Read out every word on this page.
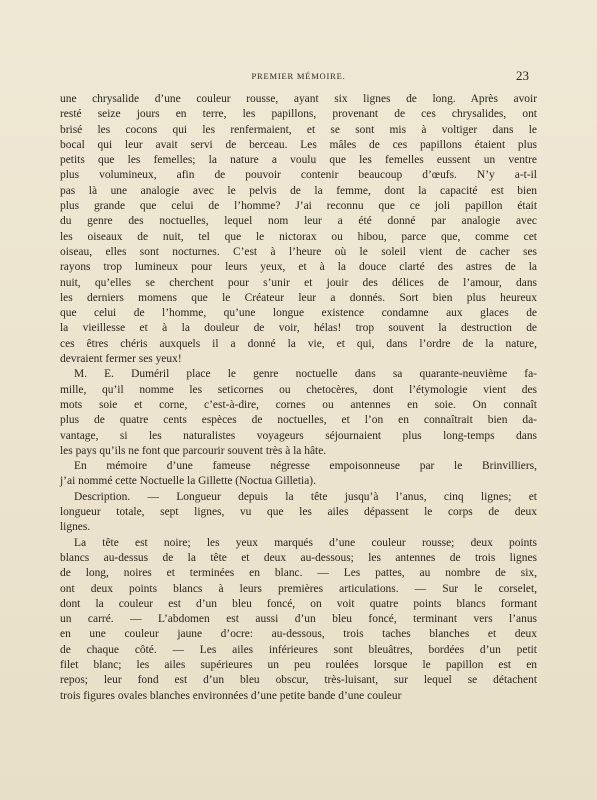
PREMIER MÉMOIRE.	23

une chrysalide d’une couleur rousse, ayant six lignes de long. Après avoir
resté seize jours en terre, les papillons, provenant de ces chrysalides, ont
brisé les cocons qui les renfermaient, et se sont mis à voltiger dans le
bocal qui leur avait servi de berceau. Les mâles de ces papillons étaient plus
petits que les femelles; la nature a voulu que les femelles eussent un ventre
plus volumineux, afin de pouvoir contenir beaucoup d’œufs. N’y a-t-il
pas là une analogie avec le pelvis de la femme, dont la capacité est bien
plus grande que celui de l’homme? J’ai reconnu que ce joli papillon était
du genre des noctuelles, lequel nom leur a été donné par analogie avec
les oiseaux de nuit, tel que le nictorax ou hibou, parce que, comme cet
oiseau, elles sont nocturnes. C’est à l’heure où le soleil vient de cacher ses
rayons trop lumineux pour leurs yeux, et à la douce clarté des astres de la
nuit, qu’elles se cherchent pour s’unir et jouir des délices de l’amour, dans
les derniers momens que le Créateur leur a donnés. Sort bien plus heureux
que celui de l’homme, qu’une longue existence condamne aux glaces de
la vieillesse et à la douleur de voir, hélas! trop souvent la destruction de
ces êtres chéris auxquels il a donné la vie, et qui, dans l’ordre de la nature,
devraient fermer ses yeux!

M. E. Duméril place le genre noctuelle dans sa quarante-neuvième fa-
mille, qu’il nomme les seticornes ou chetocères, dont l’étymologie vient des
mots soie et corne, c’est-à-dire, cornes ou antennes en soie. On connaît
plus de quatre cents espèces de noctuelles, et l’on en connaîtrait bien da-
vantage, si les naturalistes voyageurs séjournaient plus long-temps dans
les pays qu’ils ne font que parcourir souvent très à la hâte.

En mémoire d’une fameuse négresse empoisonneuse par le Brinvilliers,
j’ai nommé cette Noctuelle la Gillette (Noctua Gilletia).

Description. — Longueur depuis la tête jusqu’à l’anus, cinq lignes; et
longueur totale, sept lignes, vu que les ailes dépassent le corps de deux
lignes.

La tête est noire; les yeux marqués d’une couleur rousse; deux points
blancs au-dessus de la tête et deux au-dessous; les antennes de trois lignes
de long, noires et terminées en blanc. — Les pattes, au nombre de six,
ont deux points blancs à leurs premières articulations. — Sur le corselet,
dont la couleur est d’un bleu foncé, on voit quatre points blancs formant
un carré. — L’abdomen est aussi d’un bleu foncé, terminant vers l’anus
en une couleur jaune d’ocre: au-dessous, trois taches blanches et deux
de chaque côté. — Les ailes inférieures sont bleuâtres, bordées d’un petit
filet blanc; les ailes supérieures un peu roulées lorsque le papillon est en
repos; leur fond est d’un bleu obscur, très-luisant, sur lequel se détachent
trois figures ovales blanches environnées d’une petite bande d’une couleur
